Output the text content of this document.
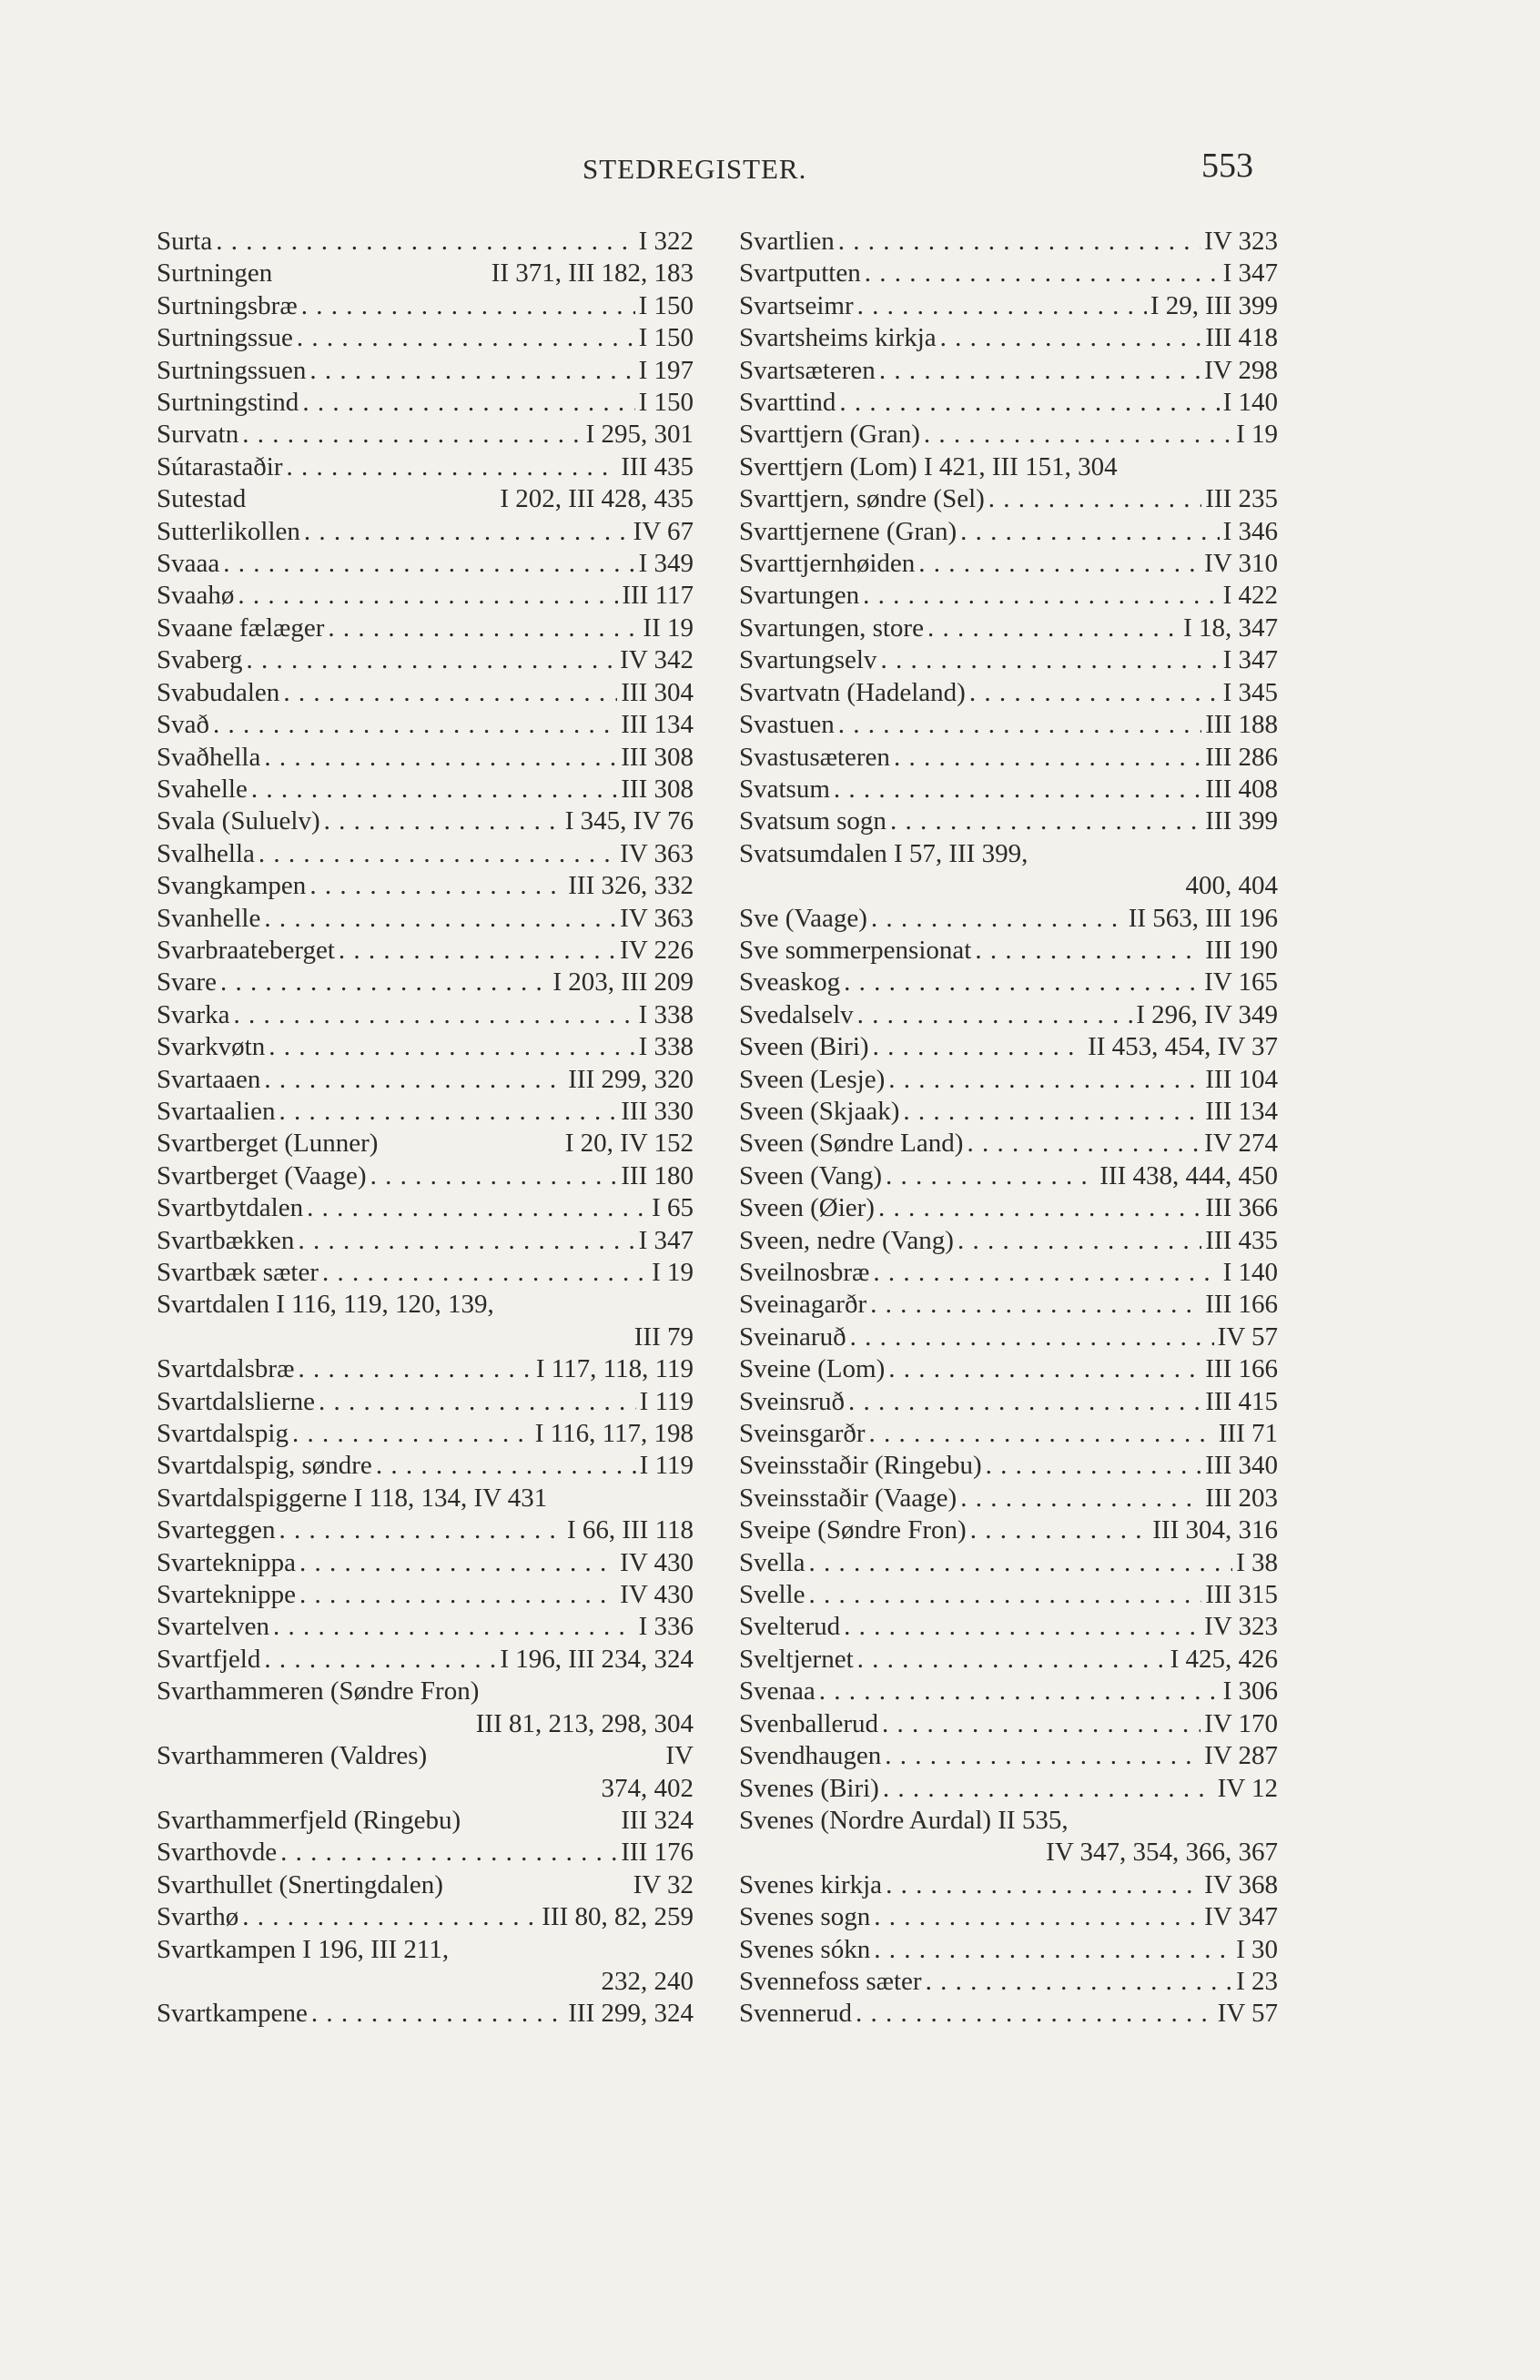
STEDREGISTER.	553
Surta . . .	I 322
Surtningen	II 371, III 182, 183
Surtningsbræ . . .	I 150
Surtningssue . . .	I 150
Surtningssuen . . .	I 197
Surtningstind . . .	I 150
Survatn . . .	I 295, 301
Sútarastaðir . . .	III 435
Sutestad	I 202, III 428, 435
Sutterlikollen . . .	IV 67
Svaaa . . .	I 349
Svaahø . . .	III 117
Svaane fælæger . . .	II 19
Svaberg . . .	IV 342
Svabudalen . . .	III 304
Svað . . .	III 134
Svaðhella . . .	III 308
Svahelle . . .	III 308
Svala (Suluelv) . . .	I 345, IV 76
Svalhella . . .	IV 363
Svangkampen . . .	III 326, 332
Svanhelle . . .	IV 363
Svarbraateberget . . .	IV 226
Svare . . .	I 203, III 209
Svarka . . .	I 338
Svarkvøtn . . .	I 338
Svartaaen . . .	III 299, 320
Svartaalien . . .	III 330
Svartberget (Lunner)	I 20, IV 152
Svartberget (Vaage) . . .	III 180
Svartbytdalen . . .	I 65
Svartbækken . . .	I 347
Svartbæk sæter . . .	I 19
Svartdalen I 116, 119, 120, 139,
III 79
Svartdalsbræ . . .	I 117, 118, 119
Svartdalslierne . . .	I 119
Svartdalspig . . .	I 116, 117, 198
Svartdalspig, søndre . . .	I 119
Svartdalspiggerne I 118, 134, IV 431
Svarteggen . . .	I 66, III 118
Svarteknippa . . .	IV 430
Svarteknippe . . .	IV 430
Svartelven . . .	I 336
Svartfjeld . . .	I 196, III 234, 324
Svarthammeren (Søndre Fron)
III 81, 213, 298, 304
Svarthammeren (Valdres)	IV
374, 402
Svarthammerfjeld (Ringebu)	III 324
Svarthovde . . .	III 176
Svarthullet (Snertingdalen)	IV 32
Svarthø . . .	III 80, 82, 259
Svartkampen I 196, III 211,
232, 240
Svartkampene . . .	III 299, 324
Svartlien . . .	IV 323
Svartputten . . .	I 347
Svartseimr . . .	I 29, III 399
Svartsheims kirkja . . .	III 418
Svartsæteren . . .	IV 298
Svarttind . . .	I 140
Svarttjern (Gran) . . .	I 19
Sverttjern (Lom) I 421, III 151, 304
Svarttjern, søndre (Sel) . . .	III 235
Svarttjernene (Gran) . . .	I 346
Svarttjernhøiden . . .	IV 310
Svartungen . . .	I 422
Svartungen, store . . .	I 18, 347
Svartungselv . . .	I 347
Svartvatn (Hadeland) . . .	I 345
Svastuen . . .	III 188
Svastusæteren . . .	III 286
Svatsum . . .	III 408
Svatsum sogn . . .	III 399
Svatsumdalen I 57, III 399,
400, 404
Sve (Vaage) . . .	II 563, III 196
Sve sommerpensionat . . .	III 190
Sveaskog . . .	IV 165
Svedalselv . . .	I 296, IV 349
Sveen (Biri) . . .	II 453, 454, IV 37
Sveen (Lesje) . . .	III 104
Sveen (Skjaak) . . .	III 134
Sveen (Søndre Land) . . .	IV 274
Sveen (Vang) . . .	III 438, 444, 450
Sveen (Øier) . . .	III 366
Sveen, nedre (Vang) . . .	III 435
Sveilnosbræ . . .	I 140
Sveinagarðr . . .	III 166
Sveinaruð . . .	IV 57
Sveine (Lom) . . .	III 166
Sveinsruð . . .	III 415
Sveinsgarðr . . .	III 71
Sveinsstaðir (Ringebu) . . .	III 340
Sveinsstaðir (Vaage) . . .	III 203
Sveipe (Søndre Fron) . . .	III 304, 316
Svella . . .	I 38
Svelle . . .	III 315
Svelterud . . .	IV 323
Sveltjernet . . .	I 425, 426
Svenaa . . .	I 306
Svenballerud . . .	IV 170
Svendhaugen . . .	IV 287
Svenes (Biri) . . .	IV 12
Svenes (Nordre Aurdal) II 535,
IV 347, 354, 366, 367
Svenes kirkja . . .	IV 368
Svenes sogn . . .	IV 347
Svenes sókn . . .	I 30
Svennefoss sæter . . .	I 23
Svennerud . . .	IV 57
